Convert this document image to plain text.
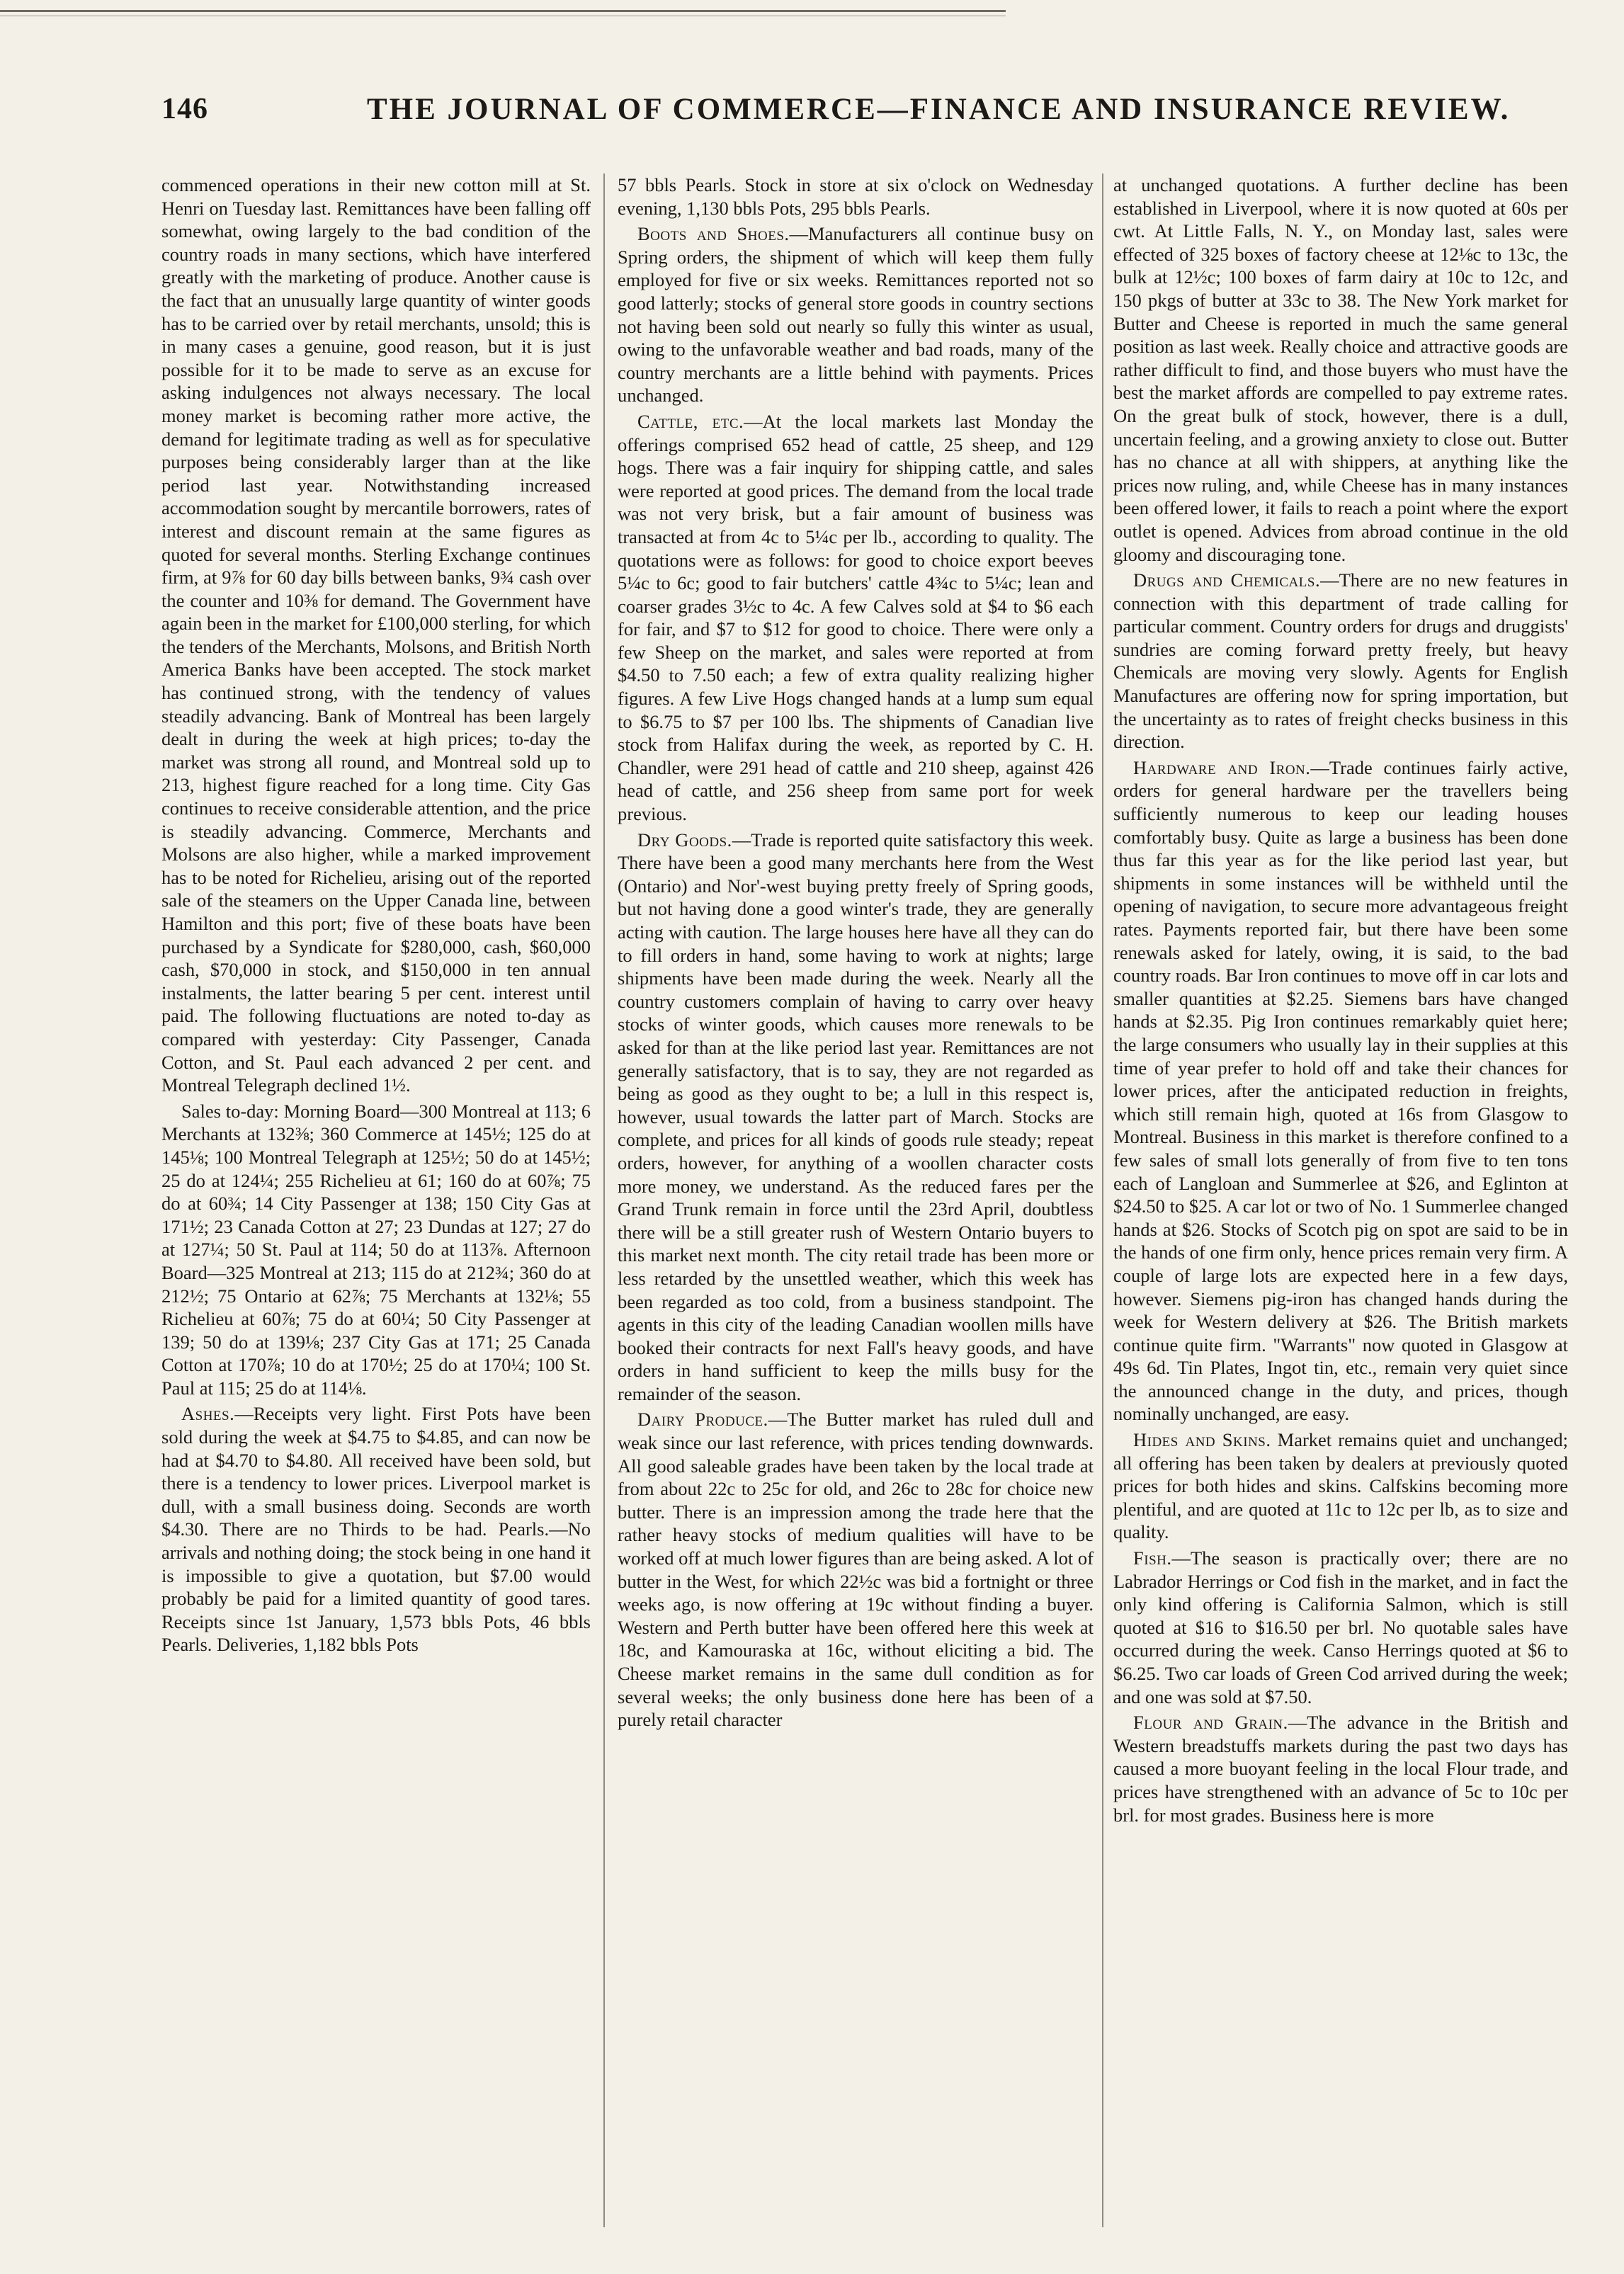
146	THE JOURNAL OF COMMERCE—FINANCE AND INSURANCE REVIEW.

commenced operations in their new cotton mill at St. Henri on Tuesday last. Remittances have been falling off somewhat, owing largely to the bad condition of the country roads in many sections, which have interfered greatly with the marketing of produce. Another cause is the fact that an unusually large quantity of winter goods has to be carried over by retail merchants, unsold; this is in many cases a genuine, good reason, but it is just possible for it to be made to serve as an excuse for asking indulgences not always necessary. The local money market is becoming rather more active, the demand for legitimate trading as well as for speculative purposes being considerably larger than at the like period last year. Notwithstanding increased accommodation sought by mercantile borrowers, rates of interest and discount remain at the same figures as quoted for several months. Sterling Exchange continues firm, at 9⅞ for 60 day bills between banks, 9¾ cash over the counter and 10⅜ for demand. The Government have again been in the market for £100,000 sterling, for which the tenders of the Merchants, Molsons, and British North America Banks have been accepted. The stock market has continued strong, with the tendency of values steadily advancing. Bank of Montreal has been largely dealt in during the week at high prices; to-day the market was strong all round, and Montreal sold up to 213, highest figure reached for a long time. City Gas continues to receive considerable attention, and the price is steadily advancing. Commerce, Merchants and Molsons are also higher, while a marked improvement has to be noted for Richelieu, arising out of the reported sale of the steamers on the Upper Canada line, between Hamilton and this port; five of these boats have been purchased by a Syndicate for $280,000, cash, $60,000 cash, $70,000 in stock, and $150,000 in ten annual instalments, the latter bearing 5 per cent. interest until paid. The following fluctuations are noted to-day as compared with yesterday: City Passenger, Canada Cotton, and St. Paul each advanced 2 per cent. and Montreal Telegraph declined 1½.

Sales to-day: Morning Board—300 Montreal at 113; 6 Merchants at 132⅜; 360 Commerce at 145½; 125 do at 145⅛; 100 Montreal Telegraph at 125½; 50 do at 145½; 25 do at 124¼; 255 Richelieu at 61; 160 do at 60⅞; 75 do at 60¾; 14 City Passenger at 138; 150 City Gas at 171½; 23 Canada Cotton at 27; 23 Dundas at 127; 27 do at 127¼; 50 St. Paul at 114; 50 do at 113⅞. Afternoon Board—325 Montreal at 213; 115 do at 212¾; 360 do at 212½; 75 Ontario at 62⅞; 75 Merchants at 132⅛; 55 Richelieu at 60⅞; 75 do at 60¼; 50 City Passenger at 139; 50 do at 139⅛; 237 City Gas at 171; 25 Canada Cotton at 170⅞; 10 do at 170½; 25 do at 170¼; 100 St. Paul at 115; 25 do at 114⅛.

Ashes.—Receipts very light. First Pots have been sold during the week at $4.75 to $4.85, and can now be had at $4.70 to $4.80. All received have been sold, but there is a tendency to lower prices. Liverpool market is dull, with a small business doing. Seconds are worth $4.30. There are no Thirds to be had. Pearls.—No arrivals and nothing doing; the stock being in one hand it is impossible to give a quotation, but $7.00 would probably be paid for a limited quantity of good tares. Receipts since 1st January, 1,573 bbls Pots, 46 bbls Pearls. Deliveries, 1,182 bbls Pots

57 bbls Pearls. Stock in store at six o'clock on Wednesday evening, 1,130 bbls Pots, 295 bbls Pearls.

Boots and Shoes.—Manufacturers all continue busy on Spring orders, the shipment of which will keep them fully employed for five or six weeks. Remittances reported not so good latterly; stocks of general store goods in country sections not having been sold out nearly so fully this winter as usual, owing to the unfavorable weather and bad roads, many of the country merchants are a little behind with payments. Prices unchanged.

Cattle, etc.—At the local markets last Monday the offerings comprised 652 head of cattle, 25 sheep, and 129 hogs. There was a fair inquiry for shipping cattle, and sales were reported at good prices. The demand from the local trade was not very brisk, but a fair amount of business was transacted at from 4c to 5¼c per lb., according to quality. The quotations were as follows: for good to choice export beeves 5¼c to 6c; good to fair butchers' cattle 4¾c to 5¼c; lean and coarser grades 3½c to 4c. A few Calves sold at $4 to $6 each for fair, and $7 to $12 for good to choice. There were only a few Sheep on the market, and sales were reported at from $4.50 to 7.50 each; a few of extra quality realizing higher figures. A few Live Hogs changed hands at a lump sum equal to $6.75 to $7 per 100 lbs. The shipments of Canadian live stock from Halifax during the week, as reported by C. H. Chandler, were 291 head of cattle and 210 sheep, against 426 head of cattle, and 256 sheep from same port for week previous.

Dry Goods.—Trade is reported quite satisfactory this week. There have been a good many merchants here from the West (Ontario) and Nor'-west buying pretty freely of Spring goods, but not having done a good winter's trade, they are generally acting with caution. The large houses here have all they can do to fill orders in hand, some having to work at nights; large shipments have been made during the week. Nearly all the country customers complain of having to carry over heavy stocks of winter goods, which causes more renewals to be asked for than at the like period last year. Remittances are not generally satisfactory, that is to say, they are not regarded as being as good as they ought to be; a lull in this respect is, however, usual towards the latter part of March. Stocks are complete, and prices for all kinds of goods rule steady; repeat orders, however, for anything of a woollen character costs more money, we understand. As the reduced fares per the Grand Trunk remain in force until the 23rd April, doubtless there will be a still greater rush of Western Ontario buyers to this market next month. The city retail trade has been more or less retarded by the unsettled weather, which this week has been regarded as too cold, from a business standpoint. The agents in this city of the leading Canadian woollen mills have booked their contracts for next Fall's heavy goods, and have orders in hand sufficient to keep the mills busy for the remainder of the season.

Dairy Produce.—The Butter market has ruled dull and weak since our last reference, with prices tending downwards. All good saleable grades have been taken by the local trade at from about 22c to 25c for old, and 26c to 28c for choice new butter. There is an impression among the trade here that the rather heavy stocks of medium qualities will have to be worked off at much lower figures than are being asked. A lot of butter in the West, for which 22½c was bid a fortnight or three weeks ago, is now offering at 19c without finding a buyer. Western and Perth butter have been offered here this week at 18c, and Kamouraska at 16c, without eliciting a bid. The Cheese market remains in the same dull condition as for several weeks; the only business done here has been of a purely retail character

at unchanged quotations. A further decline has been established in Liverpool, where it is now quoted at 60s per cwt. At Little Falls, N. Y., on Monday last, sales were effected of 325 boxes of factory cheese at 12⅛c to 13c, the bulk at 12½c; 100 boxes of farm dairy at 10c to 12c, and 150 pkgs of butter at 33c to 38. The New York market for Butter and Cheese is reported in much the same general position as last week. Really choice and attractive goods are rather difficult to find, and those buyers who must have the best the market affords are compelled to pay extreme rates. On the great bulk of stock, however, there is a dull, uncertain feeling, and a growing anxiety to close out. Butter has no chance at all with shippers, at anything like the prices now ruling, and, while Cheese has in many instances been offered lower, it fails to reach a point where the export outlet is opened. Advices from abroad continue in the old gloomy and discouraging tone.

Drugs and Chemicals.—There are no new features in connection with this department of trade calling for particular comment. Country orders for drugs and druggists' sundries are coming forward pretty freely, but heavy Chemicals are moving very slowly. Agents for English Manufactures are offering now for spring importation, but the uncertainty as to rates of freight checks business in this direction.

Hardware and Iron.—Trade continues fairly active, orders for general hardware per the travellers being sufficiently numerous to keep our leading houses comfortably busy. Quite as large a business has been done thus far this year as for the like period last year, but shipments in some instances will be withheld until the opening of navigation, to secure more advantageous freight rates. Payments reported fair, but there have been some renewals asked for lately, owing, it is said, to the bad country roads. Bar Iron continues to move off in car lots and smaller quantities at $2.25. Siemens bars have changed hands at $2.35. Pig Iron continues remarkably quiet here; the large consumers who usually lay in their supplies at this time of year prefer to hold off and take their chances for lower prices, after the anticipated reduction in freights, which still remain high, quoted at 16s from Glasgow to Montreal. Business in this market is therefore confined to a few sales of small lots generally of from five to ten tons each of Langloan and Summerlee at $26, and Eglinton at $24.50 to $25. A car lot or two of No. 1 Summerlee changed hands at $26. Stocks of Scotch pig on spot are said to be in the hands of one firm only, hence prices remain very firm. A couple of large lots are expected here in a few days, however. Siemens pig-iron has changed hands during the week for Western delivery at $26. The British markets continue quite firm. "Warrants" now quoted in Glasgow at 49s 6d. Tin Plates, Ingot tin, etc., remain very quiet since the announced change in the duty, and prices, though nominally unchanged, are easy.

Hides and Skins. Market remains quiet and unchanged; all offering has been taken by dealers at previously quoted prices for both hides and skins. Calfskins becoming more plentiful, and are quoted at 11c to 12c per lb, as to size and quality.

Fish.—The season is practically over; there are no Labrador Herrings or Cod fish in the market, and in fact the only kind offering is California Salmon, which is still quoted at $16 to $16.50 per brl. No quotable sales have occurred during the week. Canso Herrings quoted at $6 to $6.25. Two car loads of Green Cod arrived during the week; and one was sold at $7.50.

Flour and Grain.—The advance in the British and Western breadstuffs markets during the past two days has caused a more buoyant feeling in the local Flour trade, and prices have strengthened with an advance of 5c to 10c per brl. for most grades. Business here is more
